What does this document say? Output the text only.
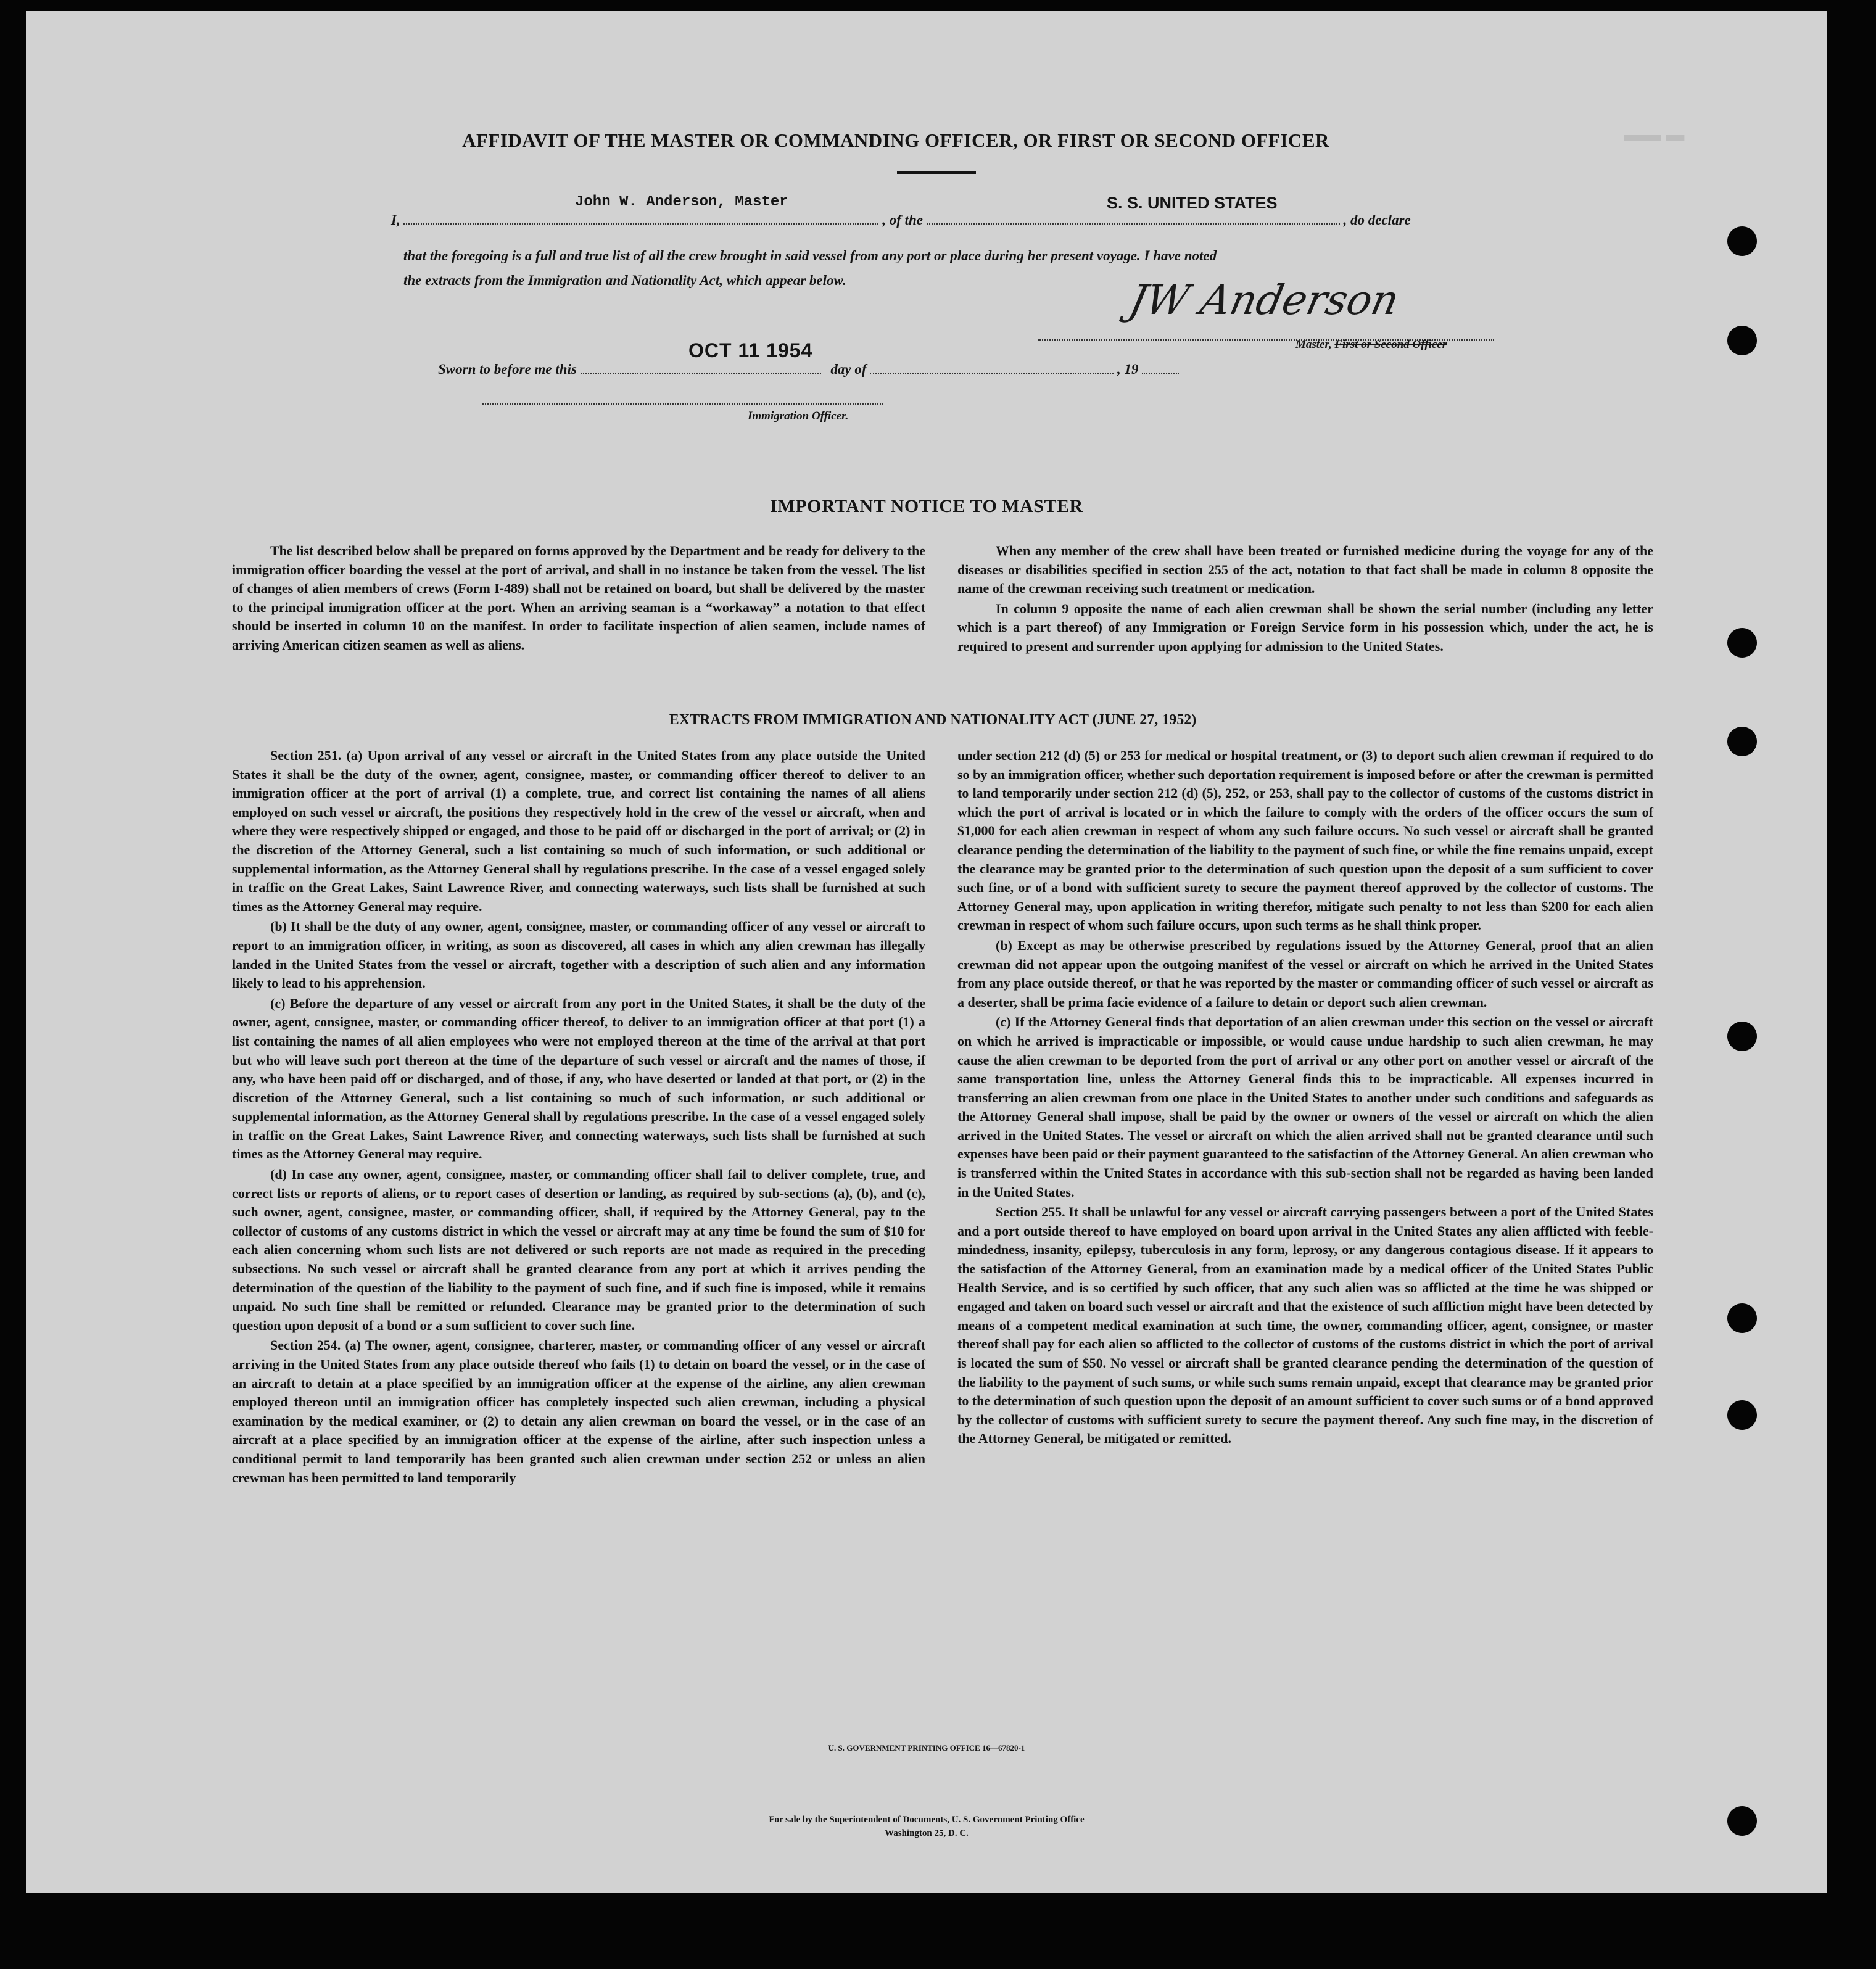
AFFIDAVIT OF THE MASTER OR COMMANDING OFFICER, OR FIRST OR SECOND OFFICER
I,	, of the	, do declare
John W. Anderson, Master	S. S. UNITED STATES
that the foregoing is a full and true list of all the crew brought in said vessel from any port or place during her present voyage. I have noted
the extracts from the Immigration and Nationality Act, which appear below.	JW Anderson
Master, First or Second Officer
Sworn to before me this	day of	, 19
OCT 11 1954
Immigration Officer.
▬▬ ▬
IMPORTANT NOTICE TO MASTER

The list described below shall be prepared on forms approved by the Department and be ready for delivery to the immigration officer boarding the vessel at the port of arrival, and shall in no instance be taken from the vessel. The list of changes of alien members of crews (Form I-489) shall not be retained on board, but shall be delivered by the master to the principal immigration officer at the port. When an arriving seaman is a “workaway” a notation to that effect should be inserted in column 10 on the manifest. In order to facilitate inspection of alien seamen, include names of arriving American citizen seamen as well as aliens.

When any member of the crew shall have been treated or furnished medicine during the voyage for any of the diseases or disabilities specified in section 255 of the act, notation to that fact shall be made in column 8 opposite the name of the crewman receiving such treatment or medication.

In column 9 opposite the name of each alien crewman shall be shown the serial number (including any letter which is a part thereof) of any Immigration or Foreign Service form in his possession which, under the act, he is required to present and surrender upon applying for admission to the United States.

EXTRACTS FROM IMMIGRATION AND NATIONALITY ACT (JUNE 27, 1952)

Section 251. (a) Upon arrival of any vessel or aircraft in the United States from any place outside the United States it shall be the duty of the owner, agent, consignee, master, or commanding officer thereof to deliver to an immigration officer at the port of arrival (1) a complete, true, and correct list containing the names of all aliens employed on such vessel or aircraft, the positions they respectively hold in the crew of the vessel or aircraft, when and where they were respectively shipped or engaged, and those to be paid off or discharged in the port of arrival; or (2) in the discretion of the Attorney General, such a list containing so much of such information, or such additional or supplemental information, as the Attorney General shall by regulations prescribe. In the case of a vessel engaged solely in traffic on the Great Lakes, Saint Lawrence River, and connecting waterways, such lists shall be furnished at such times as the Attorney General may require.

(b) It shall be the duty of any owner, agent, consignee, master, or commanding officer of any vessel or aircraft to report to an immigration officer, in writing, as soon as discovered, all cases in which any alien crewman has illegally landed in the United States from the vessel or aircraft, together with a description of such alien and any information likely to lead to his apprehension.

(c) Before the departure of any vessel or aircraft from any port in the United States, it shall be the duty of the owner, agent, consignee, master, or commanding officer thereof, to deliver to an immigration officer at that port (1) a list containing the names of all alien employees who were not employed thereon at the time of the arrival at that port but who will leave such port thereon at the time of the departure of such vessel or aircraft and the names of those, if any, who have been paid off or discharged, and of those, if any, who have deserted or landed at that port, or (2) in the discretion of the Attorney General, such a list containing so much of such information, or such additional or supplemental information, as the Attorney General shall by regulations prescribe. In the case of a vessel engaged solely in traffic on the Great Lakes, Saint Lawrence River, and connecting waterways, such lists shall be furnished at such times as the Attorney General may require.

(d) In case any owner, agent, consignee, master, or commanding officer shall fail to deliver complete, true, and correct lists or reports of aliens, or to report cases of desertion or landing, as required by sub-sections (a), (b), and (c), such owner, agent, consignee, master, or commanding officer, shall, if required by the Attorney General, pay to the collector of customs of any customs district in which the vessel or aircraft may at any time be found the sum of $10 for each alien concerning whom such lists are not delivered or such reports are not made as required in the preceding subsections. No such vessel or aircraft shall be granted clearance from any port at which it arrives pending the determination of the question of the liability to the payment of such fine, and if such fine is imposed, while it remains unpaid. No such fine shall be remitted or refunded. Clearance may be granted prior to the determination of such question upon deposit of a bond or a sum sufficient to cover such fine.

Section 254. (a) The owner, agent, consignee, charterer, master, or commanding officer of any vessel or aircraft arriving in the United States from any place outside thereof who fails (1) to detain on board the vessel, or in the case of an aircraft to detain at a place specified by an immigration officer at the expense of the airline, any alien crewman employed thereon until an immigration officer has completely inspected such alien crewman, including a physical examination by the medical examiner, or (2) to detain any alien crewman on board the vessel, or in the case of an aircraft at a place specified by an immigration officer at the expense of the airline, after such inspection unless a conditional permit to land temporarily has been granted such alien crewman under section 252 or unless an alien crewman has been permitted to land temporarily

under section 212 (d) (5) or 253 for medical or hospital treatment, or (3) to deport such alien crewman if required to do so by an immigration officer, whether such deportation requirement is imposed before or after the crewman is permitted to land temporarily under section 212 (d) (5), 252, or 253, shall pay to the collector of customs of the customs district in which the port of arrival is located or in which the failure to comply with the orders of the officer occurs the sum of $1,000 for each alien crewman in respect of whom any such failure occurs. No such vessel or aircraft shall be granted clearance pending the determination of the liability to the payment of such fine, or while the fine remains unpaid, except the clearance may be granted prior to the determination of such question upon the deposit of a sum sufficient to cover such fine, or of a bond with sufficient surety to secure the payment thereof approved by the collector of customs. The Attorney General may, upon application in writing therefor, mitigate such penalty to not less than $200 for each alien crewman in respect of whom such failure occurs, upon such terms as he shall think proper.

(b) Except as may be otherwise prescribed by regulations issued by the Attorney General, proof that an alien crewman did not appear upon the outgoing manifest of the vessel or aircraft on which he arrived in the United States from any place outside thereof, or that he was reported by the master or commanding officer of such vessel or aircraft as a deserter, shall be prima facie evidence of a failure to detain or deport such alien crewman.

(c) If the Attorney General finds that deportation of an alien crewman under this section on the vessel or aircraft on which he arrived is impracticable or impossible, or would cause undue hardship to such alien crewman, he may cause the alien crewman to be deported from the port of arrival or any other port on another vessel or aircraft of the same transportation line, unless the Attorney General finds this to be impracticable. All expenses incurred in transferring an alien crewman from one place in the United States to another under such conditions and safeguards as the Attorney General shall impose, shall be paid by the owner or owners of the vessel or aircraft on which the alien arrived in the United States. The vessel or aircraft on which the alien arrived shall not be granted clearance until such expenses have been paid or their payment guaranteed to the satisfaction of the Attorney General. An alien crewman who is transferred within the United States in accordance with this sub-section shall not be regarded as having been landed in the United States.

Section 255. It shall be unlawful for any vessel or aircraft carrying passengers between a port of the United States and a port outside thereof to have employed on board upon arrival in the United States any alien afflicted with feeble-mindedness, insanity, epilepsy, tuberculosis in any form, leprosy, or any dangerous contagious disease. If it appears to the satisfaction of the Attorney General, from an examination made by a medical officer of the United States Public Health Service, and is so certified by such officer, that any such alien was so afflicted at the time he was shipped or engaged and taken on board such vessel or aircraft and that the existence of such affliction might have been detected by means of a competent medical examination at such time, the owner, commanding officer, agent, consignee, or master thereof shall pay for each alien so afflicted to the collector of customs of the customs district in which the port of arrival is located the sum of $50. No vessel or aircraft shall be granted clearance pending the determination of the question of the liability to the payment of such sums, or while such sums remain unpaid, except that clearance may be granted prior to the determination of such question upon the deposit of an amount sufficient to cover such sums or of a bond approved by the collector of customs with sufficient surety to secure the payment thereof. Any such fine may, in the discretion of the Attorney General, be mitigated or remitted.

U. S. GOVERNMENT PRINTING OFFICE 16—67820-1
For sale by the Superintendent of Documents, U. S. Government Printing Office
Washington 25, D. C.
